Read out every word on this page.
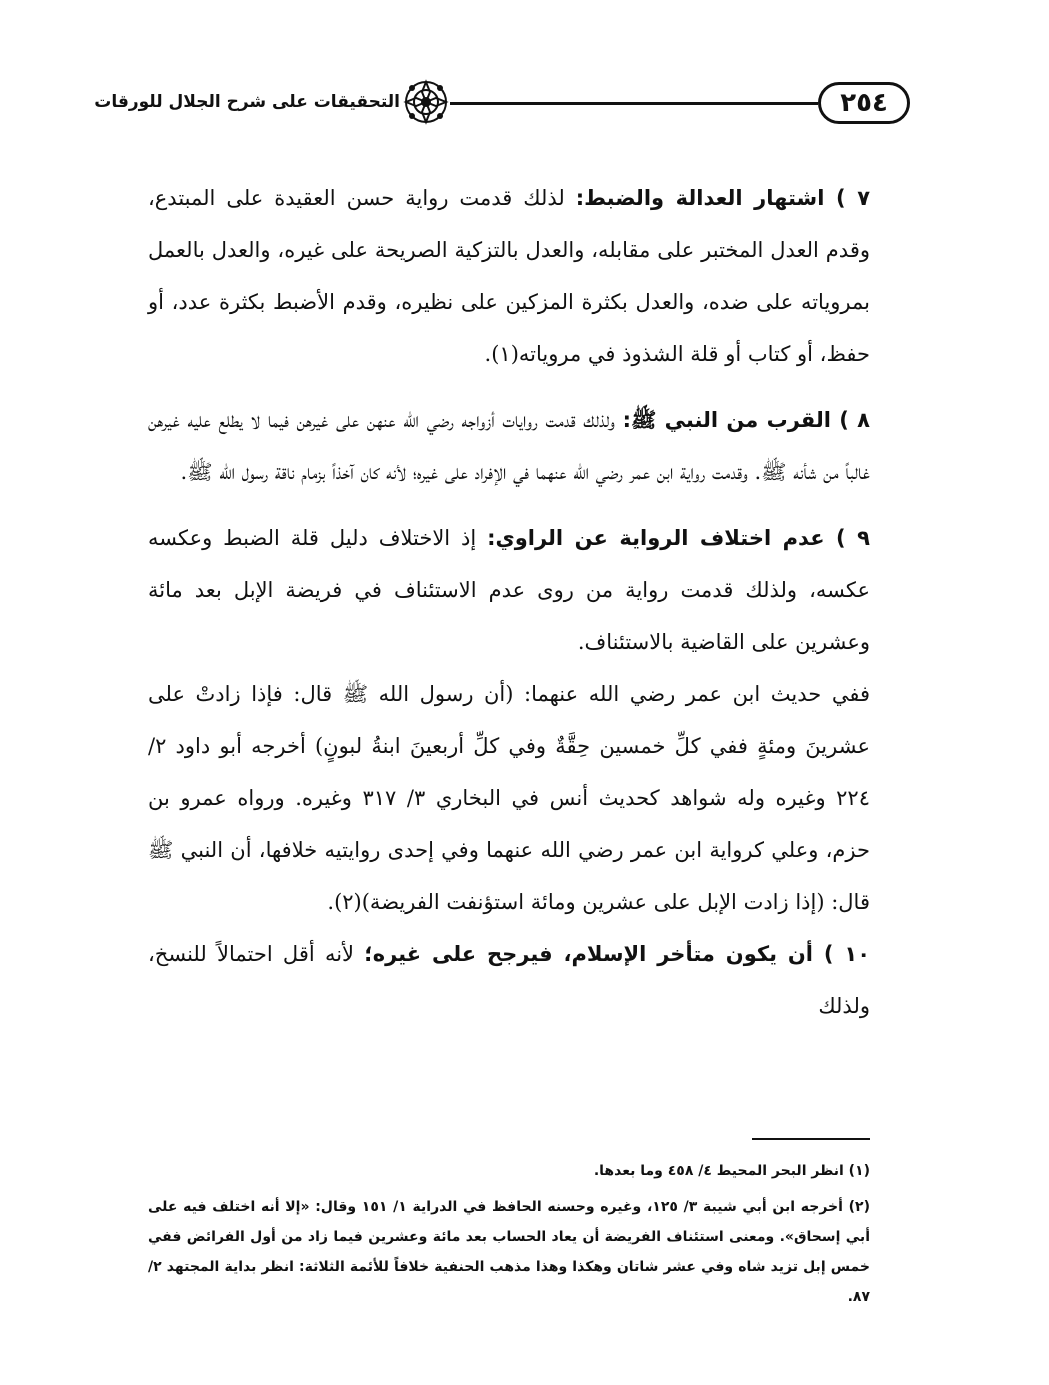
٢٥٤
التحقيقات على شرح الجلال للورقات

٧ ) اشتهار العدالة والضبط: لذلك قدمت رواية حسن العقيدة على المبتدع، وقدم العدل المختبر على مقابله، والعدل بالتزكية الصريحة على غيره، والعدل بالعمل بمروياته على ضده، والعدل بكثرة المزكين على نظيره، وقدم الأضبط بكثرة عدد، أو حفظ، أو كتاب أو قلة الشذوذ في مروياته(١).

٨ ) القرب من النبي ﷺ: ولذلك قدمت روايات أزواجه رضي الله عنهن على غيرهن فيما لا يطلع عليه غيرهن غالباً من شأنه ﷺ. وقدمت رواية ابن عمر رضي الله عنهما في الإفراد على غيره؛ لأنه كان آخذاً بزمام ناقة رسول الله ﷺ.

٩ ) عدم اختلاف الرواية عن الراوي: إذ الاختلاف دليل قلة الضبط وعكسه عكسه، ولذلك قدمت رواية من روى عدم الاستئناف في فريضة الإبل بعد مائة وعشرين على القاضية بالاستئناف.

ففي حديث ابن عمر رضي الله عنهما: (أن رسول الله ﷺ قال: فإذا زادتْ على عشرينَ ومئةٍ ففي كلِّ خمسين حِقَّةٌ وفي كلِّ أربعينَ ابنةُ لبونٍ) أخرجه أبو داود ٢/ ٢٢٤ وغيره وله شواهد كحديث أنس في البخاري ٣/ ٣١٧ وغيره. ورواه عمرو بن حزم، وعلي كرواية ابن عمر رضي الله عنهما وفي إحدى روايتيه خلافها، أن النبي ﷺ قال: (إذا زادت الإبل على عشرين ومائة استؤنفت الفريضة)(٢).

١٠ ) أن يكون متأخر الإسلام، فيرجح على غيره؛ لأنه أقل احتمالاً للنسخ، ولذلك

(١) انظر البحر المحيط ٤/ ٤٥٨ وما بعدها.

(٢) أخرجه ابن أبي شيبة ٣/ ١٢٥، وغيره وحسنه الحافظ في الدراية ١/ ١٥١ وقال: «إلا أنه اختلف فيه على أبي إسحاق». ومعنى استئناف الفريضة أن يعاد الحساب بعد مائة وعشرين فيما زاد من أول الفرائض ففي خمس إبل تزيد شاه وفي عشر شاتان وهكذا وهذا مذهب الحنفية خلافاً للأئمة الثلاثة: انظر بداية المجتهد ٢/ ٨٧.
